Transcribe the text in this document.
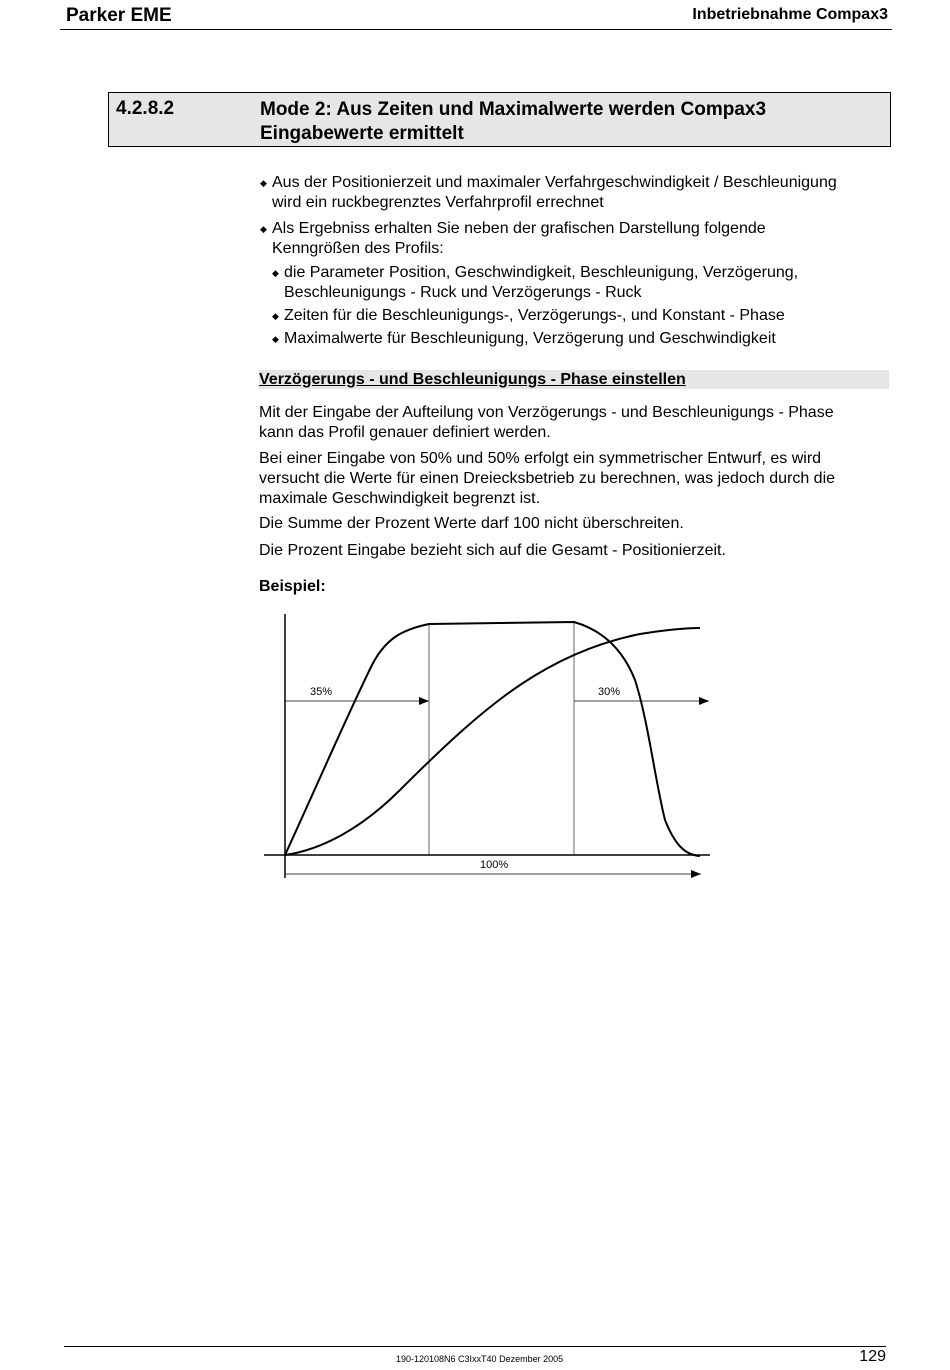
Parker EME	Inbetriebnahme Compax3
4.2.8.2	Mode 2: Aus Zeiten und Maximalwerte werden Compax3
Eingabewerte ermittelt
◆ Aus der Positionierzeit und maximaler Verfahrgeschwindigkeit / Beschleunigung
wird ein ruckbegrenztes Verfahrprofil errechnet
◆ Als Ergebniss erhalten Sie neben der grafischen Darstellung folgende
Kenngrößen des Profils:
◆ die Parameter Position, Geschwindigkeit, Beschleunigung, Verzögerung,
Beschleunigungs - Ruck und Verzögerungs - Ruck
◆ Zeiten für die Beschleunigungs-, Verzögerungs-, und Konstant - Phase
◆ Maximalwerte für Beschleunigung, Verzögerung und Geschwindigkeit
Verzögerungs - und Beschleunigungs - Phase einstellen
Mit der Eingabe der Aufteilung von Verzögerungs - und Beschleunigungs - Phase
kann das Profil genauer definiert werden.
Bei einer Eingabe von 50% und 50% erfolgt ein symmetrischer Entwurf, es wird
versucht die Werte für einen Dreiecksbetrieb zu berechnen, was jedoch durch die
maximale Geschwindigkeit begrenzt ist.
Die Summe der Prozent Werte darf 100 nicht überschreiten.
Die Prozent Eingabe bezieht sich auf die Gesamt - Positionierzeit.
Beispiel:
35%	30%
100%
190-120108N6 C3IxxT40 Dezember 2005	129
